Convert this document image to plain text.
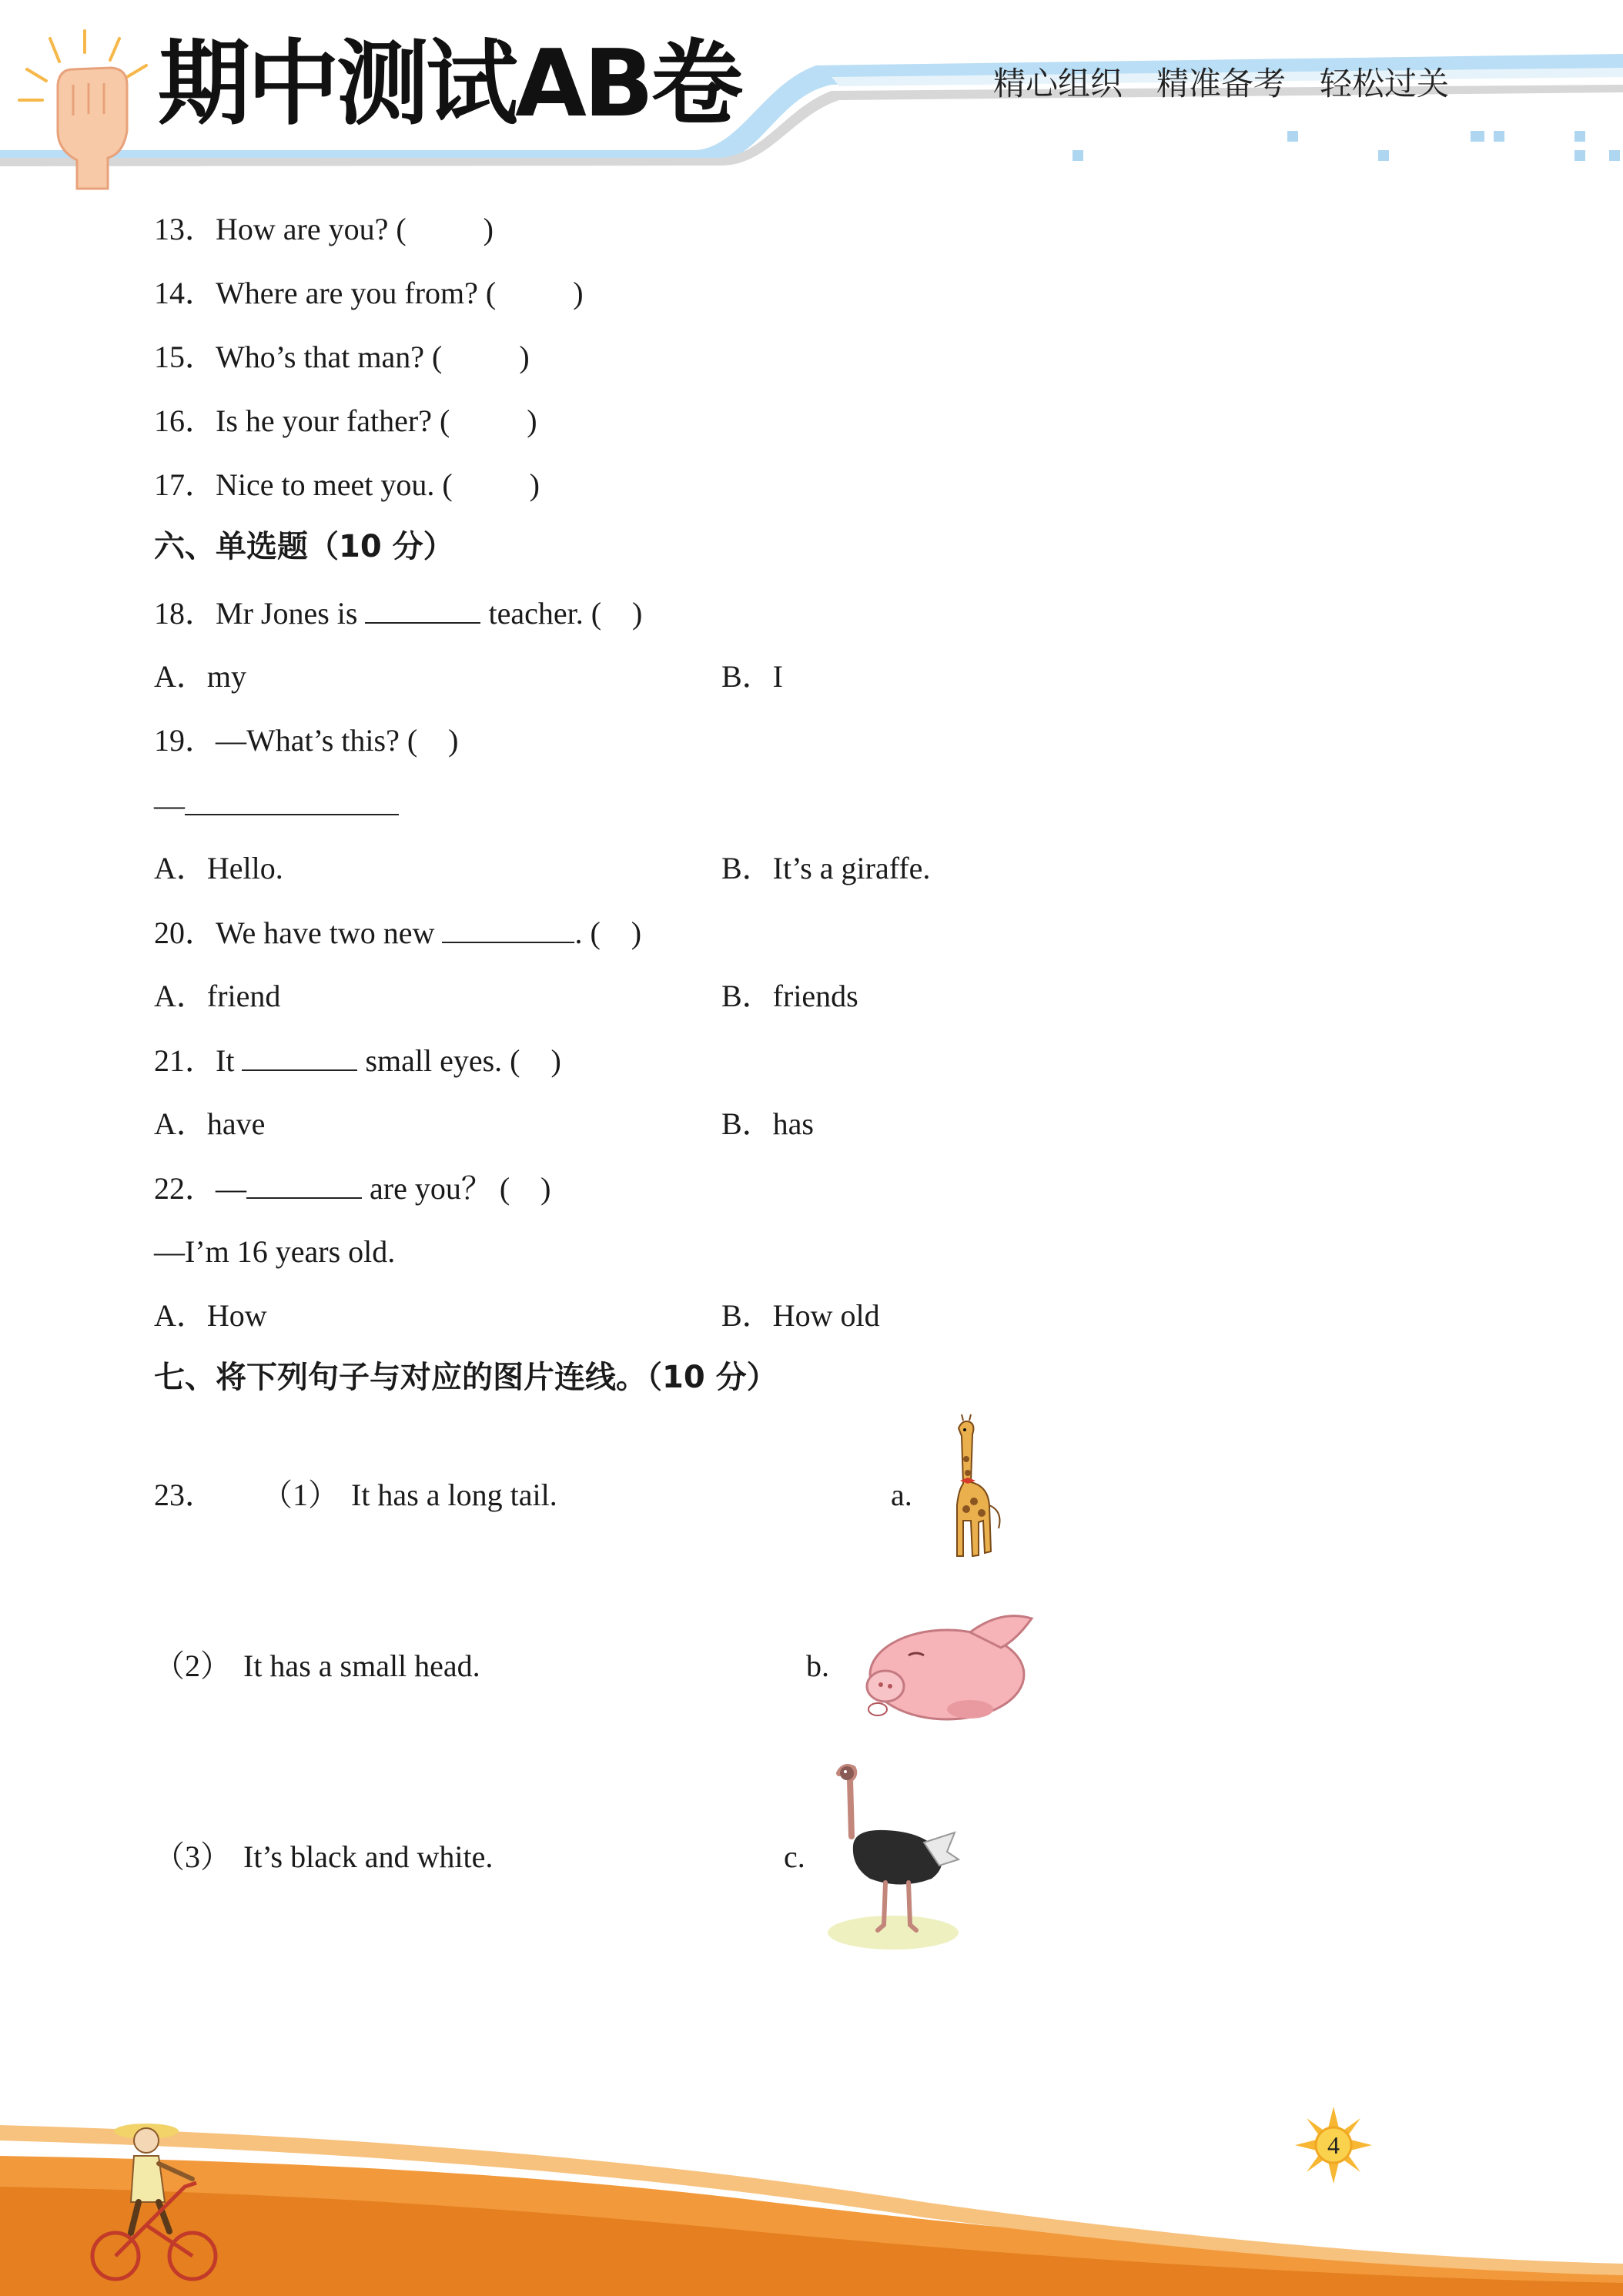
期中测试AB卷	精心组织 精准备考 轻松过关
13．How are you? (          )
14．Where are you from? (          )
15．Who’s that man? (          )
16．Is he your father? (          )
17．Nice to meet you. (          )
六、单选题（10 分）
18．Mr Jones is	teacher. (    )
A．my	B．I
19．—What’s this? (    )
—
A．Hello.	B．It’s a giraffe.
20．We have two new	. (    )
A．friend	B．friends
21．It	small eyes. (    )
A．have	B．has
22．—	are you？ (    )
—I’m 16 years old.
A．How	B．How old
七、将下列句子与对应的图片连线。（10 分）
23． （1） It has a long tail.
（2） It has a small head.
（3） It’s black and white.
a.
b.
c.
4
